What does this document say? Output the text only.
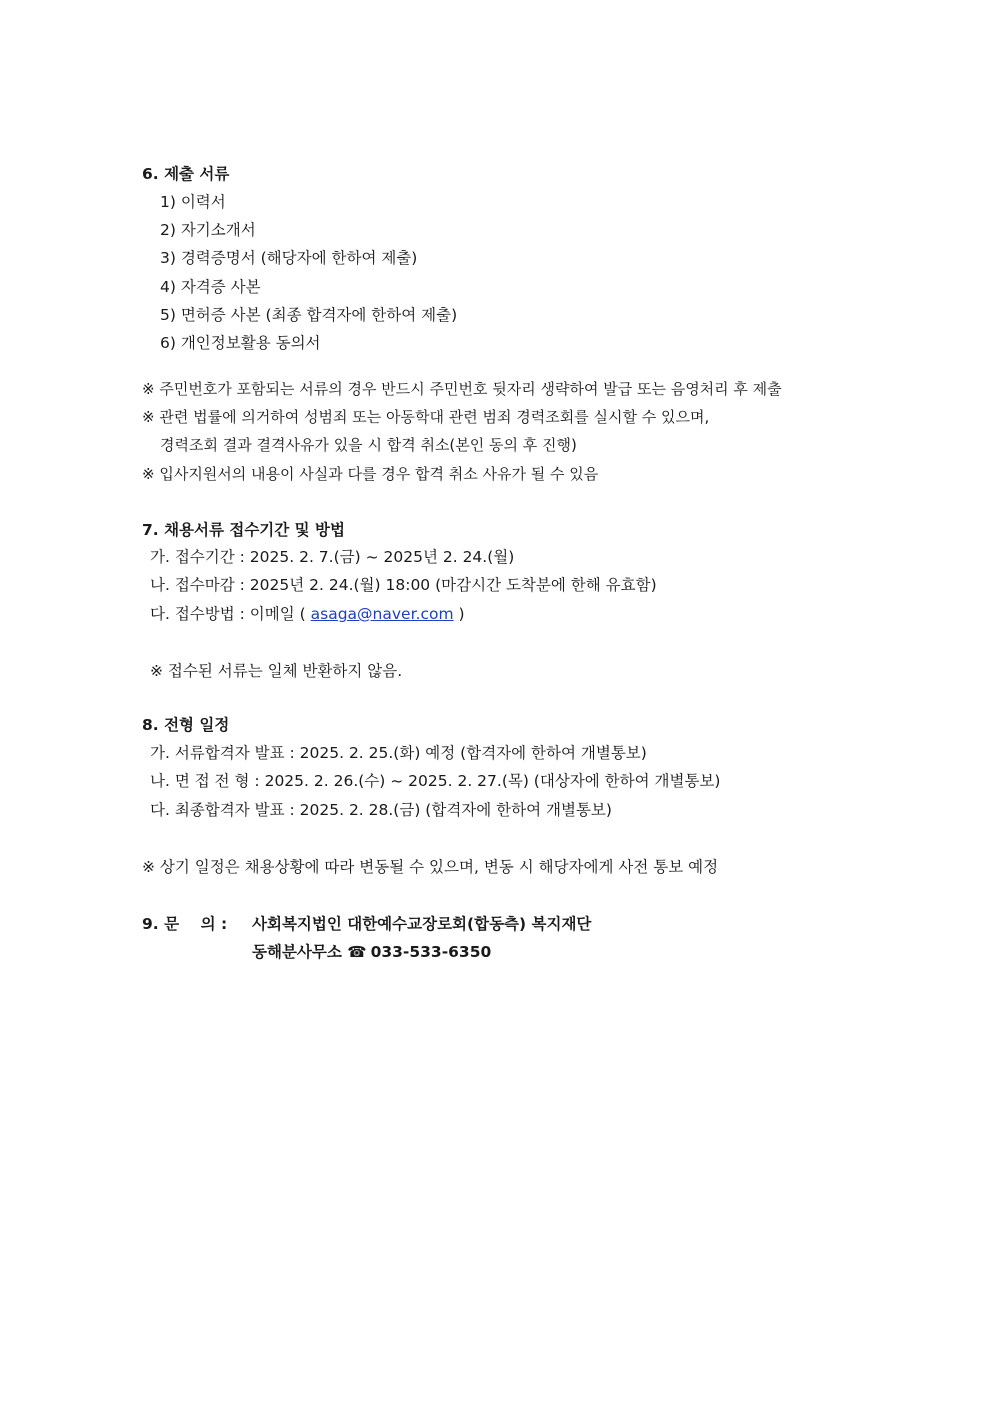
6. 제출 서류
1) 이력서
2) 자기소개서
3) 경력증명서 (해당자에 한하여 제출)
4) 자격증 사본
5) 면허증 사본 (최종 합격자에 한하여 제출)
6) 개인정보활용 동의서
※ 주민번호가 포함되는 서류의 경우 반드시 주민번호 뒷자리 생략하여 발급 또는 음영처리 후 제출
※ 관련 법률에 의거하여 성범죄 또는 아동학대 관련 범죄 경력조회를 실시할 수 있으며,
경력조회 결과 결격사유가 있을 시 합격 취소(본인 동의 후 진행)
※ 입사지원서의 내용이 사실과 다를 경우 합격 취소 사유가 될 수 있음
7. 채용서류 접수기간 및 방법
가. 접수기간 : 2025. 2. 7.(금) ~ 2025년 2. 24.(월)
나. 접수마감 : 2025년 2. 24.(월) 18:00 (마감시간 도착분에 한해 유효함)
다. 접수방법 : 이메일 ( asaga@naver.com )
※ 접수된 서류는 일체 반환하지 않음.
8. 전형 일정
가. 서류합격자 발표 : 2025. 2. 25.(화) 예정 (합격자에 한하여 개별통보)
나. 면 접 전 형 : 2025. 2. 26.(수) ~ 2025. 2. 27.(목) (대상자에 한하여 개별통보)
다. 최종합격자 발표 : 2025. 2. 28.(금) (합격자에 한하여 개별통보)
※ 상기 일정은 채용상황에 따라 변동될 수 있으며, 변동 시 해당자에게 사전 통보 예정
9. 문    의 : 사회복지법인 대한예수교장로회(합동측) 복지재단
동해분사무소 ☎ 033-533-6350
